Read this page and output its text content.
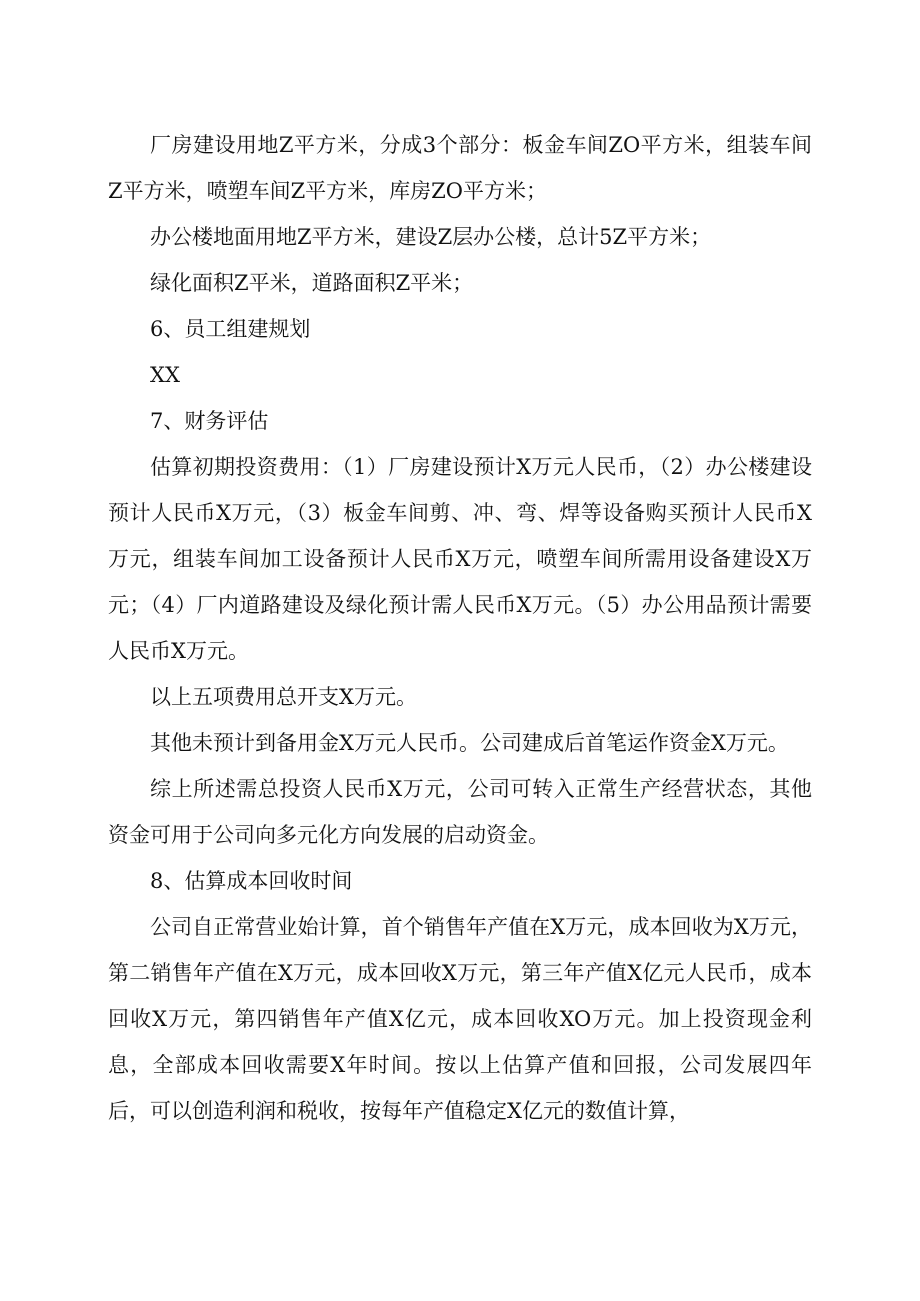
厂房建设用地Z平方米，分成3个部分：板金车间ZO平方米，组装车间Z平方米，喷塑车间Z平方米，库房ZO平方米；

办公楼地面用地Z平方米，建设Z层办公楼，总计5Z平方米；

绿化面积Z平米，道路面积Z平米；

6、员工组建规划

XX

7、财务评估

估算初期投资费用：（1）厂房建设预计X万元人民币，（2）办公楼建设预计人民币X万元，（3）板金车间剪、冲、弯、焊等设备购买预计人民币X万元，组装车间加工设备预计人民币X万元，喷塑车间所需用设备建设X万元；（4）厂内道路建设及绿化预计需人民币X万元。（5）办公用品预计需要人民币X万元。

以上五项费用总开支X万元。

其他未预计到备用金X万元人民币。公司建成后首笔运作资金X万元。

综上所述需总投资人民币X万元，公司可转入正常生产经营状态，其他资金可用于公司向多元化方向发展的启动资金。

8、估算成本回收时间

公司自正常营业始计算，首个销售年产值在X万元，成本回收为X万元，第二销售年产值在X万元，成本回收X万元，第三年产值X亿元人民币，成本回收X万元，第四销售年产值X亿元，成本回收XO万元。加上投资现金利息，全部成本回收需要X年时间。按以上估算产值和回报，公司发展四年后，可以创造利润和税收，按每年产值稳定X亿元的数值计算，
